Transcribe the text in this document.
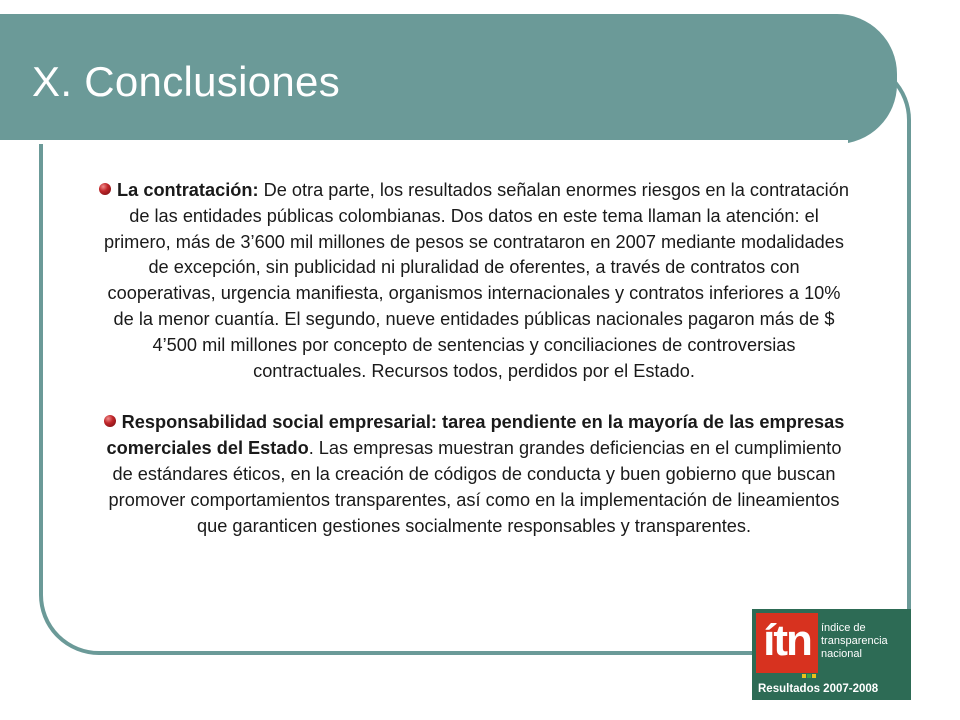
X. Conclusiones

La contratación: De otra parte, los resultados señalan enormes riesgos en la contratación de las entidades públicas colombianas. Dos datos en este tema llaman la atención: el primero, más de 3’600 mil millones de pesos se contrataron en 2007 mediante modalidades de excepción, sin publicidad ni pluralidad de oferentes, a través de contratos con cooperativas, urgencia manifiesta, organismos internacionales y contratos inferiores a 10% de la menor cuantía. El segundo, nueve entidades públicas nacionales pagaron más de $ 4’500 mil millones por concepto de sentencias y conciliaciones de controversias contractuales. Recursos todos, perdidos por el Estado.

Responsabilidad social empresarial: tarea pendiente en la mayoría de las empresas comerciales del Estado. Las empresas muestran grandes deficiencias en el cumplimiento de estándares éticos, en la creación de códigos de conducta y buen gobierno que buscan promover comportamientos transparentes, así como en la implementación de lineamientos que garanticen gestiones socialmente responsables y transparentes.

ítn índice de
transparencia
nacional
Resultados 2007-2008
